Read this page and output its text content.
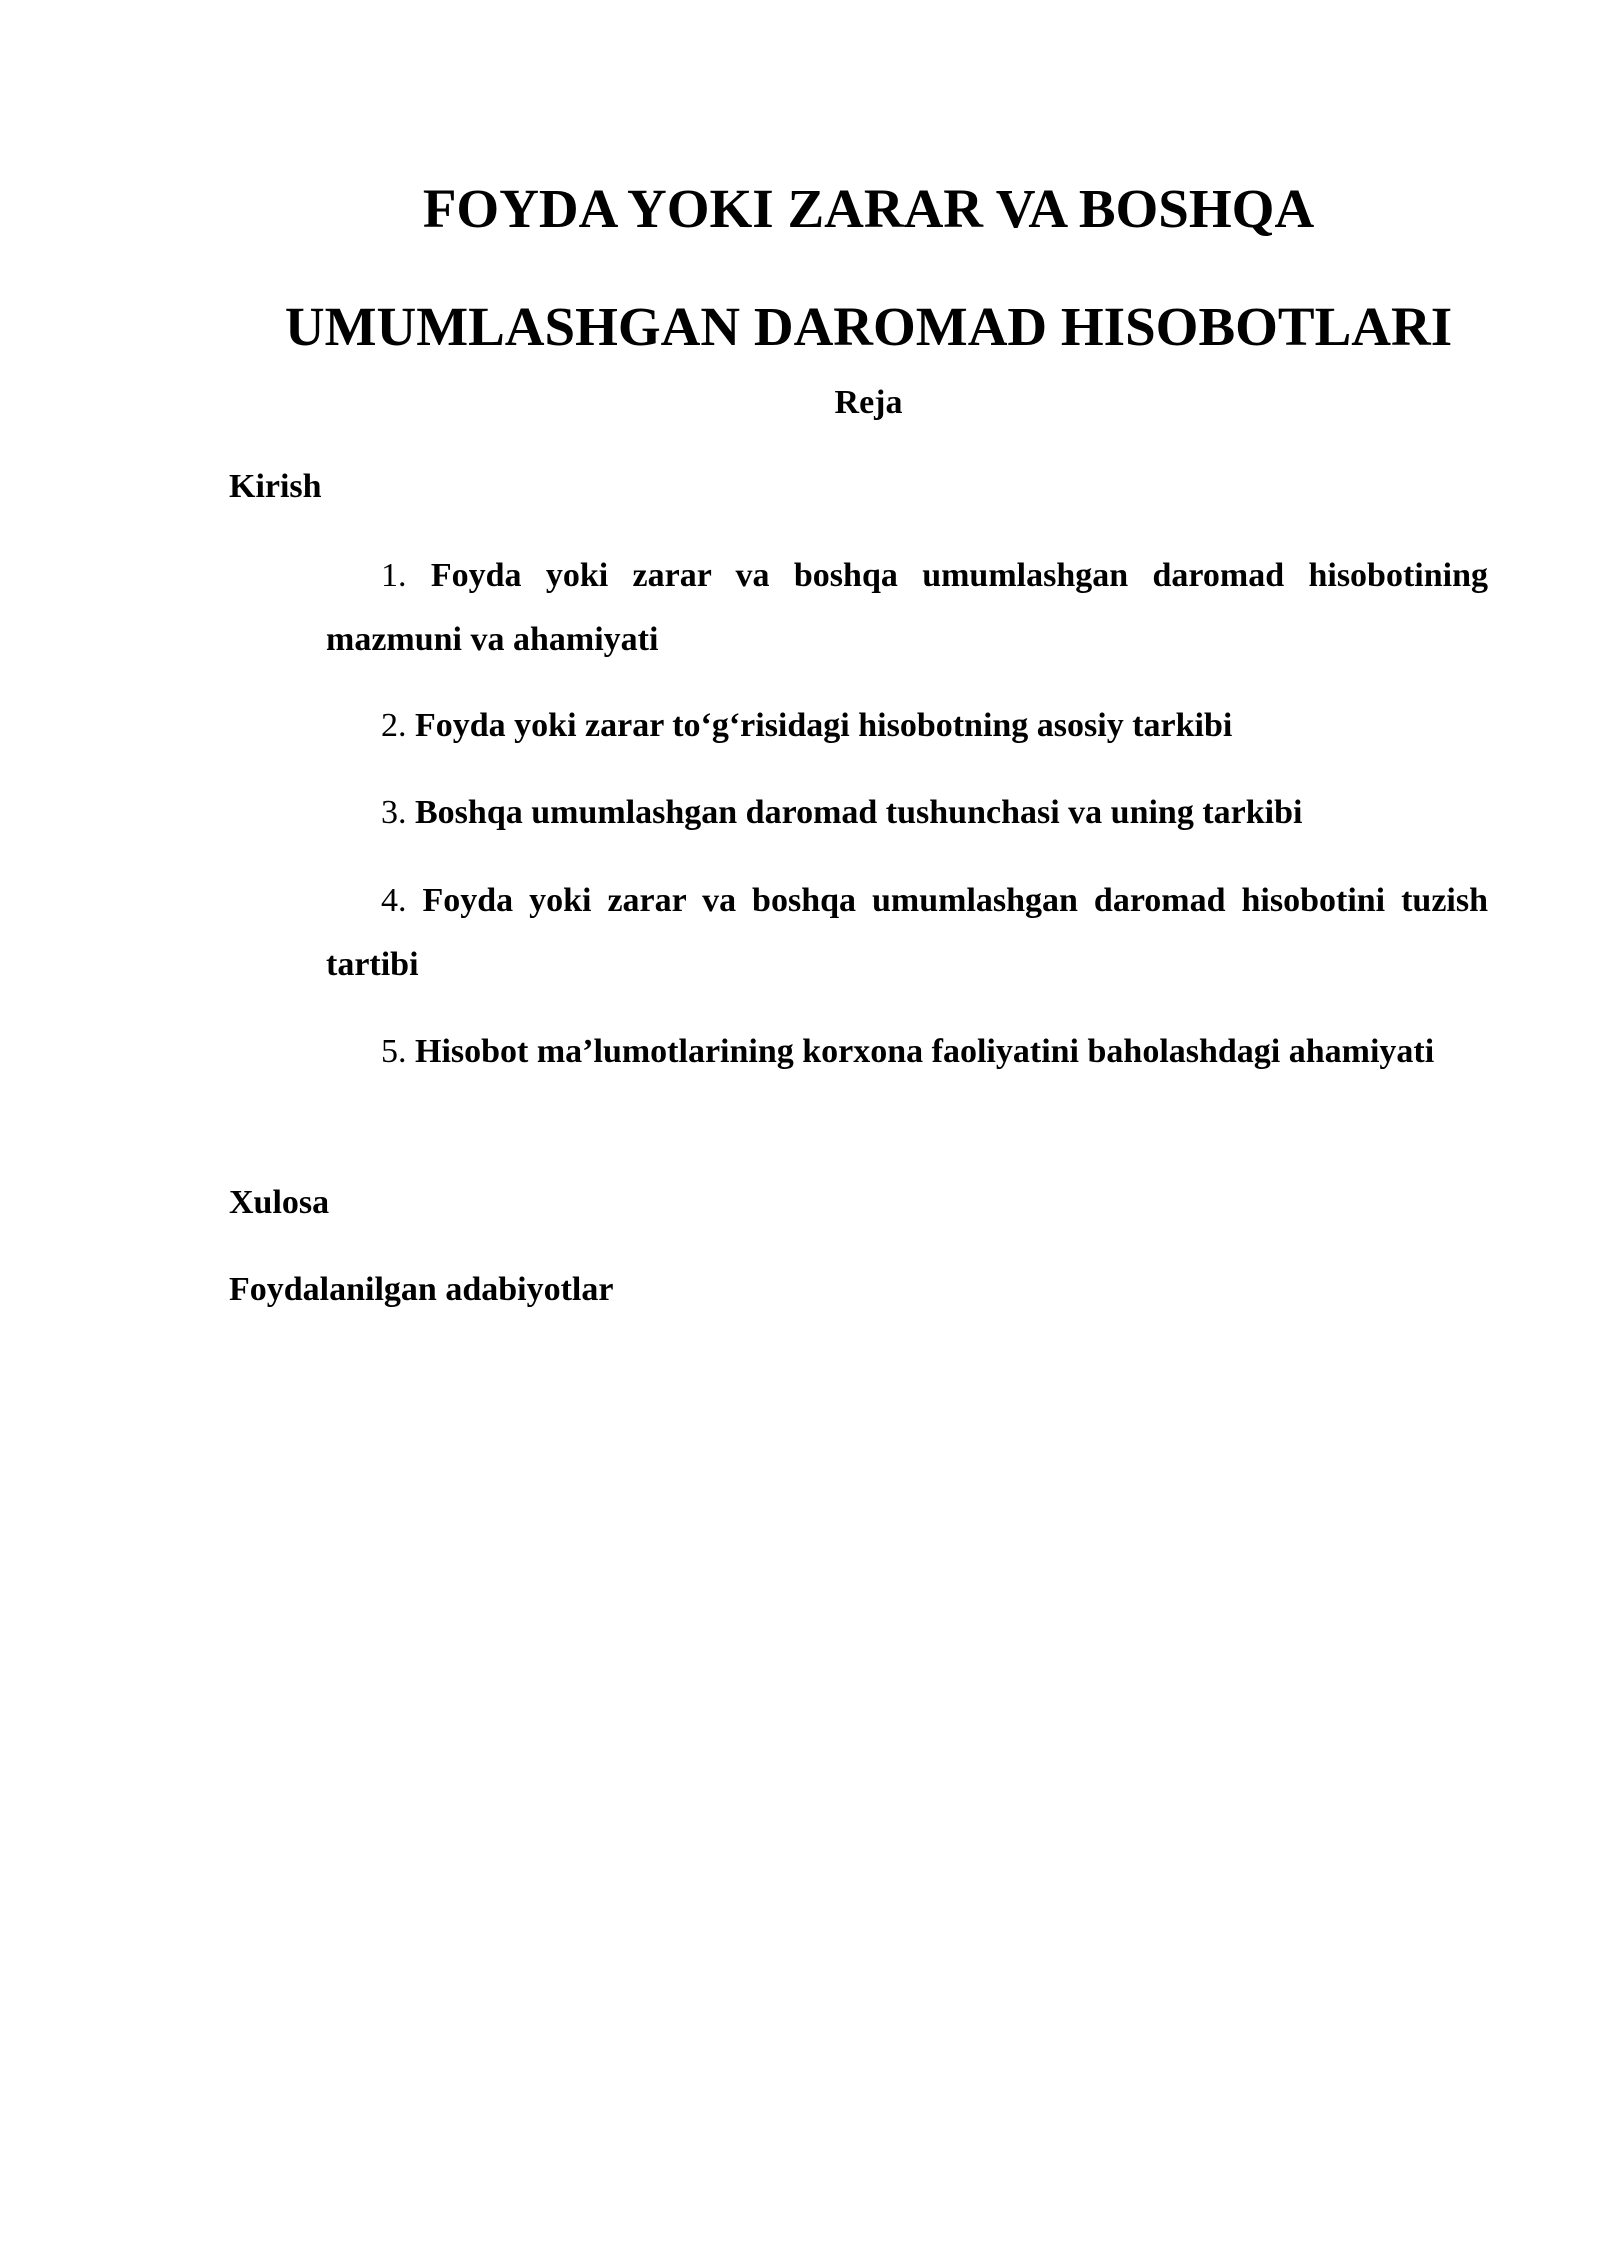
FOYDA YOKI ZARAR VA BOSHQA
UMUMLASHGAN DAROMAD HISOBOTLARI
Reja
Kirish
1. Foyda yoki zarar va boshqa umumlashgan daromad hisobotining mazmuni va ahamiyati
2. Foyda yoki zarar to‘g‘risidagi hisobotning asosiy tarkibi
3. Boshqa umumlashgan daromad tushunchasi va uning tarkibi
4. Foyda yoki zarar va boshqa umumlashgan daromad hisobotini tuzish tartibi
5. Hisobot ma’lumotlarining korxona faoliyatini baholashdagi ahamiyati
Xulosa
Foydalanilgan adabiyotlar
